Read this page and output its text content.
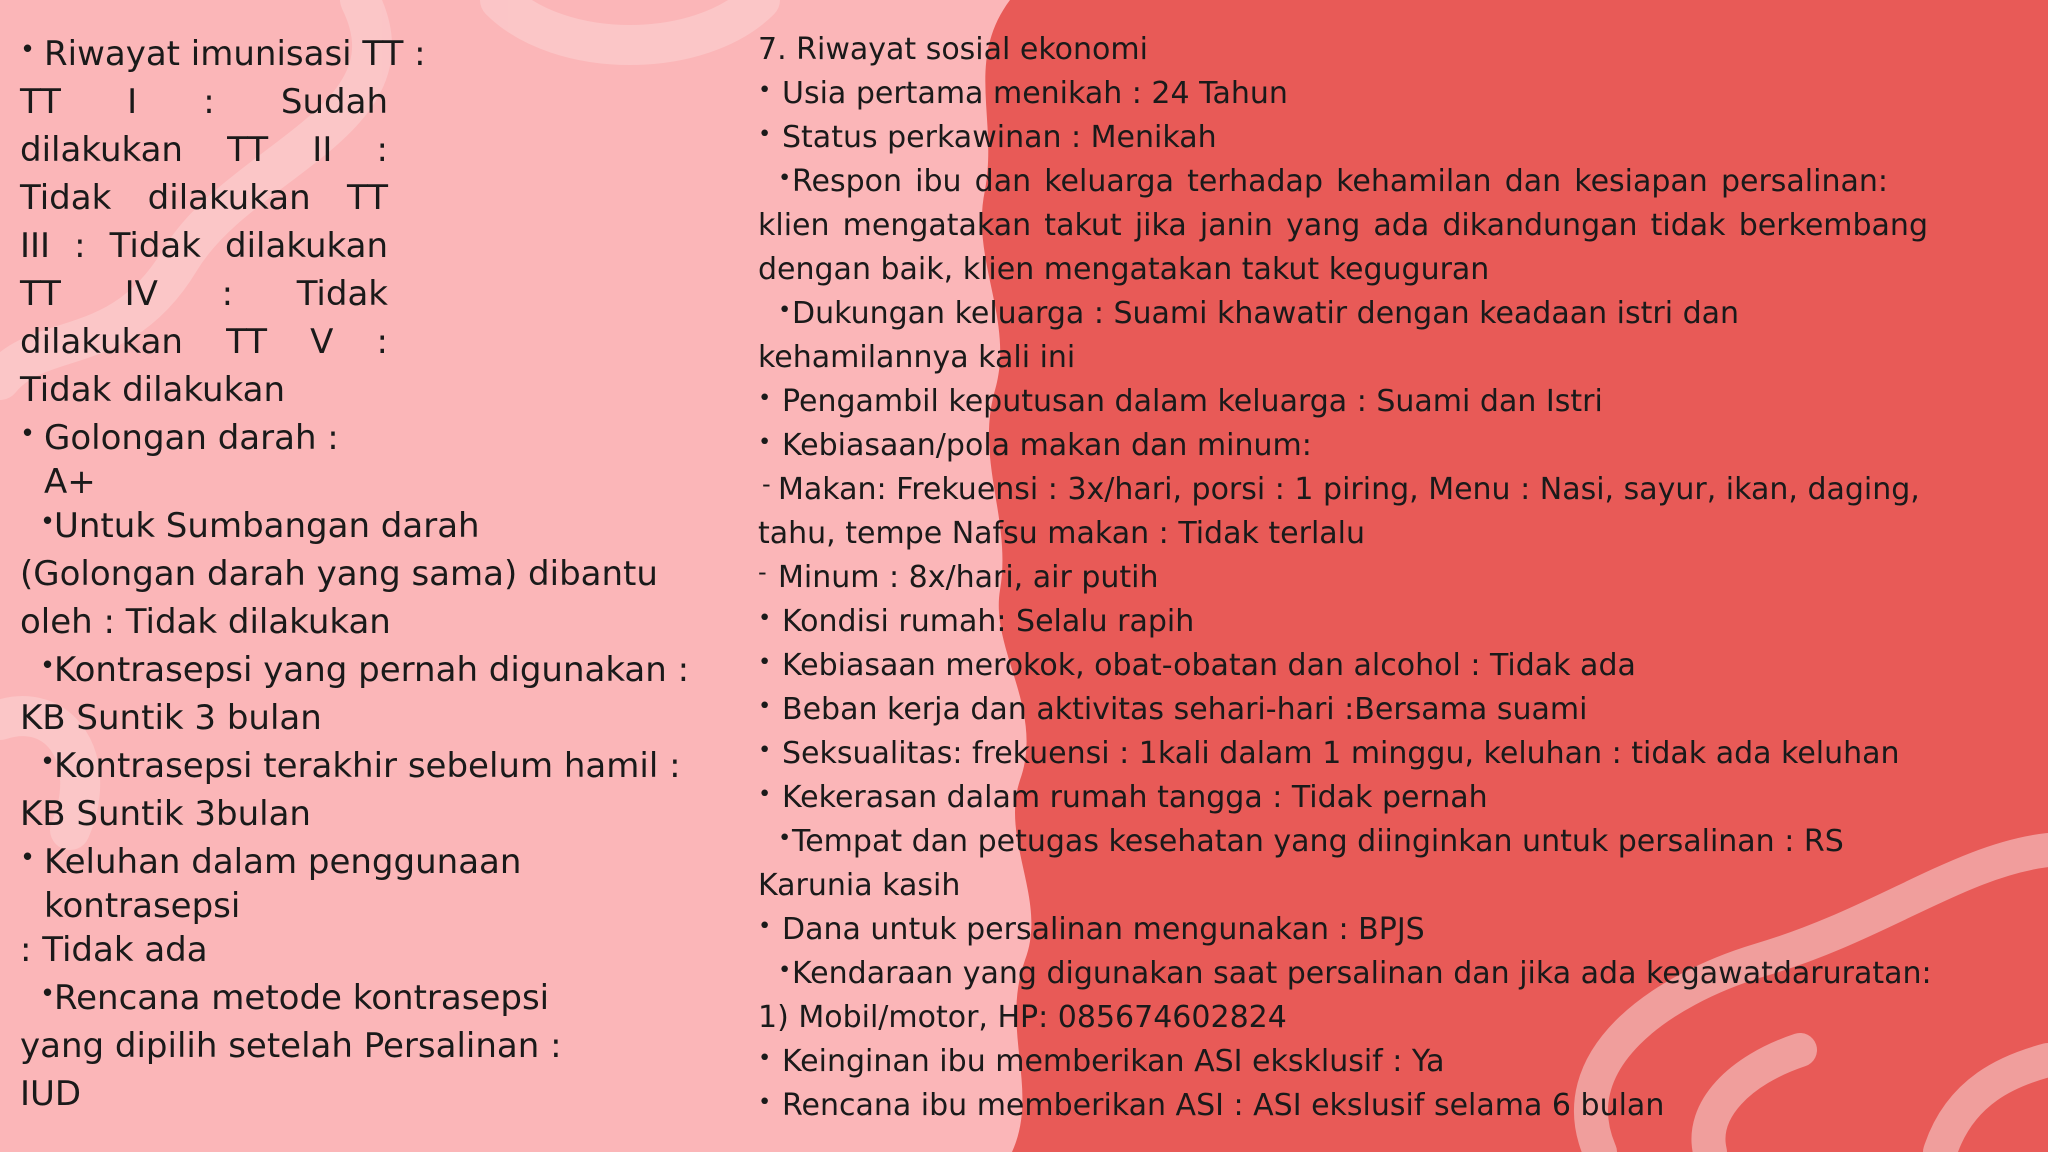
• Riwayat imunisasi TT :

TT I : Sudah

dilakukan TT II :

Tidak dilakukan TT

III : Tidak dilakukan

TT IV : Tidak

dilakukan TT V :

Tidak dilakukan

• Golongan darah :

A+

• Untuk Sumbangan darah

(Golongan darah yang sama) dibantu

oleh : Tidak dilakukan

• Kontrasepsi yang pernah digunakan :

KB Suntik 3 bulan

• Kontrasepsi terakhir sebelum hamil :

KB Suntik 3bulan

• Keluhan dalam penggunaan

kontrasepsi

: Tidak ada

• Rencana metode kontrasepsi

yang dipilih setelah Persalinan :

IUD

7. Riwayat sosial ekonomi

• Usia pertama menikah : 24 Tahun

• Status perkawinan : Menikah

• Respon ibu dan keluarga terhadap kehamilan dan kesiapan persalinan:

klien mengatakan takut jika janin yang ada dikandungan tidak berkembang

dengan baik, klien mengatakan takut keguguran

• Dukungan keluarga : Suami khawatir dengan keadaan istri dan

kehamilannya kali ini

• Pengambil keputusan dalam keluarga : Suami dan Istri

• Kebiasaan/pola makan dan minum:

- Makan: Frekuensi : 3x/hari, porsi : 1 piring, Menu : Nasi, sayur, ikan, daging,

tahu, tempe Nafsu makan : Tidak terlalu

- Minum : 8x/hari, air putih

• Kondisi rumah: Selalu rapih

• Kebiasaan merokok, obat-obatan dan alcohol : Tidak ada

• Beban kerja dan aktivitas sehari-hari :Bersama suami

• Seksualitas: frekuensi : 1kali dalam 1 minggu, keluhan : tidak ada keluhan

• Kekerasan dalam rumah tangga : Tidak pernah

• Tempat dan petugas kesehatan yang diinginkan untuk persalinan : RS

Karunia kasih

• Dana untuk persalinan mengunakan : BPJS

• Kendaraan yang digunakan saat persalinan dan jika ada kegawatdaruratan:

1) Mobil/motor, HP: 085674602824

• Keinginan ibu memberikan ASI eksklusif : Ya

• Rencana ibu memberikan ASI : ASI ekslusif selama 6 bulan
